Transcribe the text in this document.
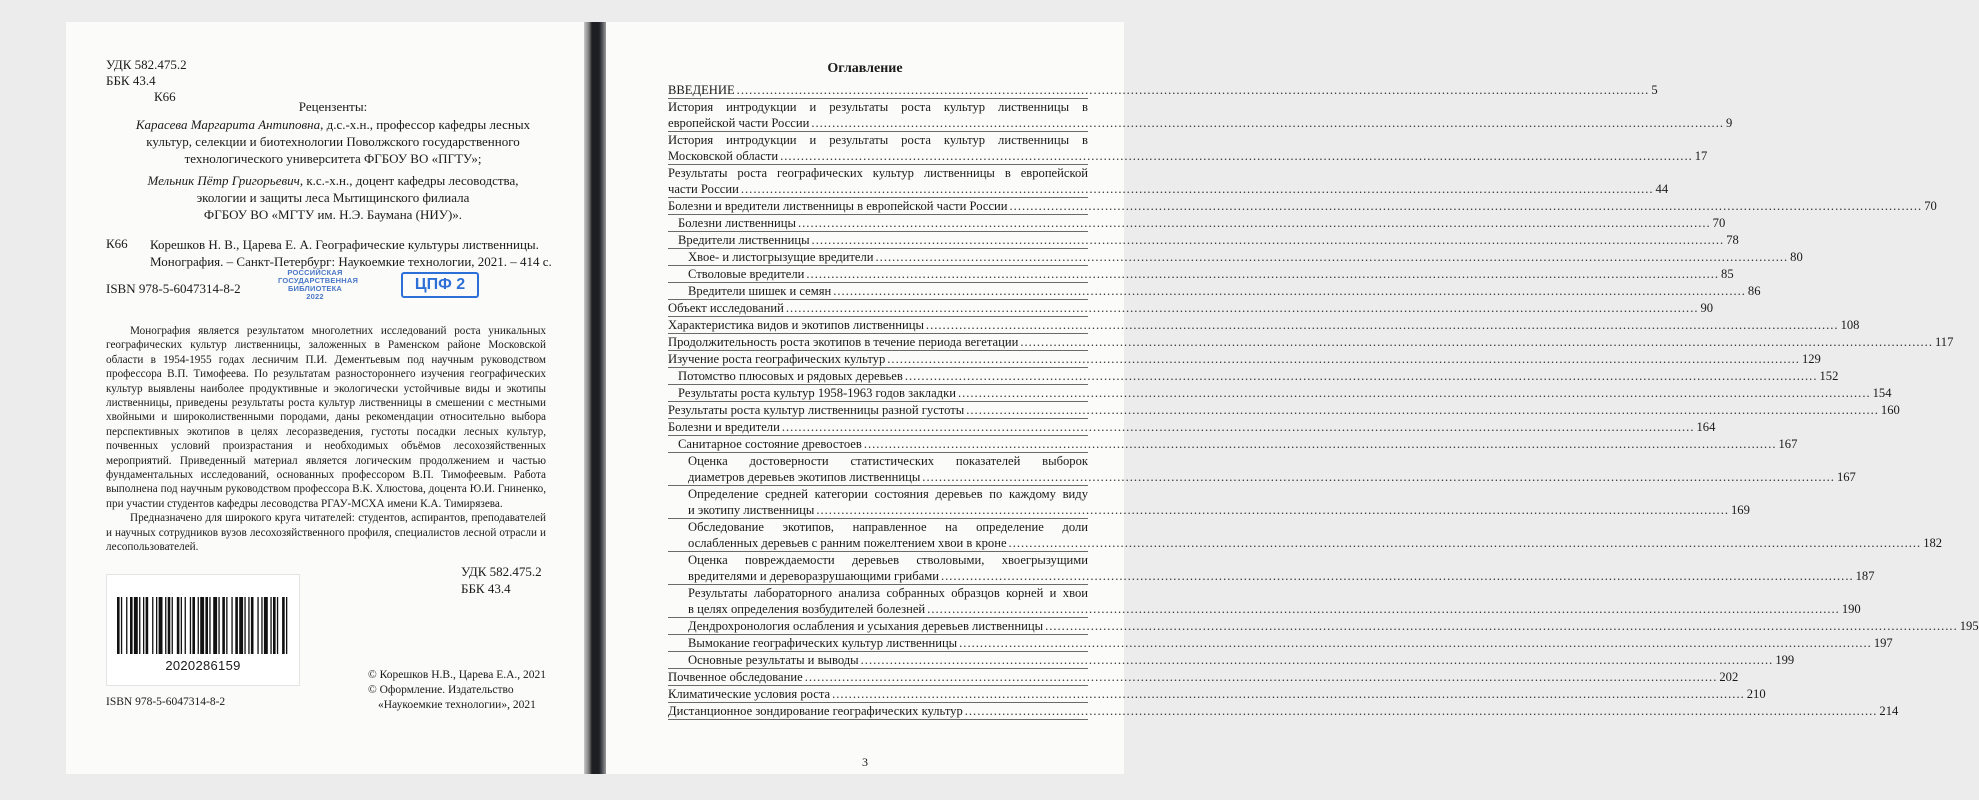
УДК 582.475.2
ББК 43.4
К66
Рецензенты:
Карасева Маргарита Антиповна, д.с.-х.н., профессор кафедры лесных
культур, селекции и биотехнологии Поволжского государственного
технологического университета ФГБОУ ВО «ПГТУ»;
Мельник Пётр Григорьевич, к.с.-х.н., доцент кафедры лесоводства,
экологии и защиты леса Мытищинского филиала
ФГБОУ ВО «МГТУ им. Н.Э. Баумана (НИУ)».
К66 Корешков Н. В., Царева Е. А. Географические культуры лиственницы.
Монография. – Санкт-Петербург: Наукоемкие технологии, 2021. – 414 с.
ISBN 978-5-6047314-8-2
РОССИЙСКАЯ
ГОСУДАРСТВЕННАЯ
БИБЛИОТЕКА
2022
ЦПФ 2

Монография является результатом многолетних исследований роста уникальных географических культур лиственницы, заложенных в Раменском районе Московской области в 1954-1955 годах лесничим П.И. Дементьевым под научным руководством профессора В.П. Тимофеева. По результатам разностороннего изучения географических культур выявлены наиболее продуктивные и экологически устойчивые виды и экотипы лиственницы, приведены результаты роста культур лиственницы в смешении с местными хвойными и широколиственными породами, даны рекомендации относительно выбора перспективных экотипов в целях лесоразведения, густоты посадки лесных культур, почвенных условий произрастания и необходимых объёмов лесохозяйственных мероприятий. Приведенный материал является логическим продолжением и частью фундаментальных исследований, основанных профессором В.П. Тимофеевым. Работа выполнена под научным руководством профессора В.К. Хлюстова, доцента Ю.И. Гниненко, при участии студентов кафедры лесоводства РГАУ-МСХА имени К.А. Тимирязева.

Предназначено для широкого круга читателей: студентов, аспирантов, преподавателей и научных сотрудников вузов лесохозяйственного профиля, специалистов лесной отрасли и лесопользователей.

УДК 582.475.2
ББК 43.4
2020286159
© Корешков Н.В., Царева Е.А., 2021
© Оформление. Издательство
«Наукоемкие технологии», 2021
ISBN 978-5-6047314-8-2
Оглавление
ВВЕДЕНИЕ ............................................................................................................................................................................................................................ 5
История интродукции и результаты роста культур лиственницы в
европейской части России ............................................................................................................................................................................................................................ 9
История интродукции и результаты роста культур лиственницы в
Московской области ............................................................................................................................................................................................................................ 17
Результаты роста географических культур лиственницы в европейской
части России ............................................................................................................................................................................................................................ 44
Болезни и вредители лиственницы в европейской части России ............................................................................................................................................................................................................................ 70
Болезни лиственницы ............................................................................................................................................................................................................................ 70
Вредители лиственницы ............................................................................................................................................................................................................................ 78
Хвое- и листогрызущие вредители ............................................................................................................................................................................................................................ 80
Стволовые вредители ............................................................................................................................................................................................................................ 85
Вредители шишек и семян ............................................................................................................................................................................................................................ 86
Объект исследований ............................................................................................................................................................................................................................ 90
Характеристика видов и экотипов лиственницы ............................................................................................................................................................................................................................ 108
Продолжительность роста экотипов в течение периода вегетации ............................................................................................................................................................................................................................ 117
Изучение роста географических культур ............................................................................................................................................................................................................................ 129
Потомство плюсовых и рядовых деревьев ............................................................................................................................................................................................................................ 152
Результаты роста культур 1958-1963 годов закладки ............................................................................................................................................................................................................................ 154
Результаты роста культур лиственницы разной густоты ............................................................................................................................................................................................................................ 160
Болезни и вредители ............................................................................................................................................................................................................................ 164
Санитарное состояние древостоев ............................................................................................................................................................................................................................ 167
Оценка достоверности статистических показателей выборок
диаметров деревьев экотипов лиственницы ............................................................................................................................................................................................................................ 167
Определение средней категории состояния деревьев по каждому виду
и экотипу лиственницы ............................................................................................................................................................................................................................ 169
Обследование экотипов, направленное на определение доли
ослабленных деревьев с ранним пожелтением хвои в кроне ............................................................................................................................................................................................................................ 182
Оценка повреждаемости деревьев стволовыми, хвоегрызущими
вредителями и дереворазрушающими грибами ............................................................................................................................................................................................................................ 187
Результаты лабораторного анализа собранных образцов корней и хвои
в целях определения возбудителей болезней ............................................................................................................................................................................................................................ 190
Дендрохронология ослабления и усыхания деревьев лиственницы ............................................................................................................................................................................................................................ 195
Вымокание географических культур лиственницы ............................................................................................................................................................................................................................ 197
Основные результаты и выводы ............................................................................................................................................................................................................................ 199
Почвенное обследование ............................................................................................................................................................................................................................ 202
Климатические условия роста ............................................................................................................................................................................................................................ 210
Дистанционное зондирование географических культур ............................................................................................................................................................................................................................ 214
3
